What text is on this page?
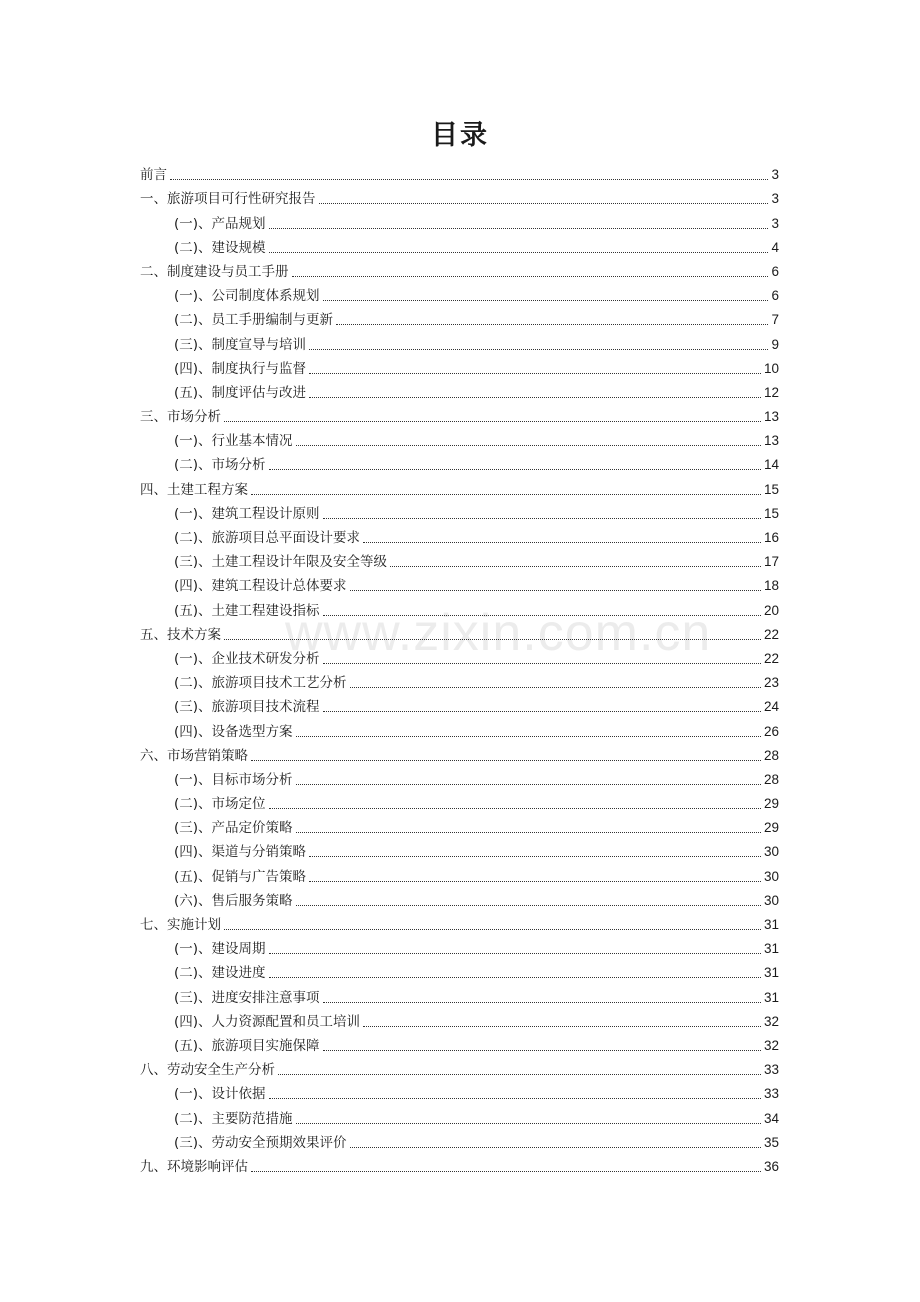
目录
前言	3
一、旅游项目可行性研究报告	3
(一)、产品规划	3
(二)、建设规模	4
二、制度建设与员工手册	6
(一)、公司制度体系规划	6
(二)、员工手册编制与更新	7
(三)、制度宣导与培训	9
(四)、制度执行与监督	10
(五)、制度评估与改进	12
三、市场分析	13
(一)、行业基本情况	13
(二)、市场分析	14
四、土建工程方案	15
(一)、建筑工程设计原则	15
(二)、旅游项目总平面设计要求	16
(三)、土建工程设计年限及安全等级	17
(四)、建筑工程设计总体要求	18
(五)、土建工程建设指标	20
五、技术方案	22
(一)、企业技术研发分析	22
(二)、旅游项目技术工艺分析	23
(三)、旅游项目技术流程	24
(四)、设备选型方案	26
六、市场营销策略	28
(一)、目标市场分析	28
(二)、市场定位	29
(三)、产品定价策略	29
(四)、渠道与分销策略	30
(五)、促销与广告策略	30
(六)、售后服务策略	30
七、实施计划	31
(一)、建设周期	31
(二)、建设进度	31
(三)、进度安排注意事项	31
(四)、人力资源配置和员工培训	32
(五)、旅游项目实施保障	32
八、劳动安全生产分析	33
(一)、设计依据	33
(二)、主要防范措施	34
(三)、劳动安全预期效果评价	35
九、环境影响评估	36
www.zixin.com.cn
